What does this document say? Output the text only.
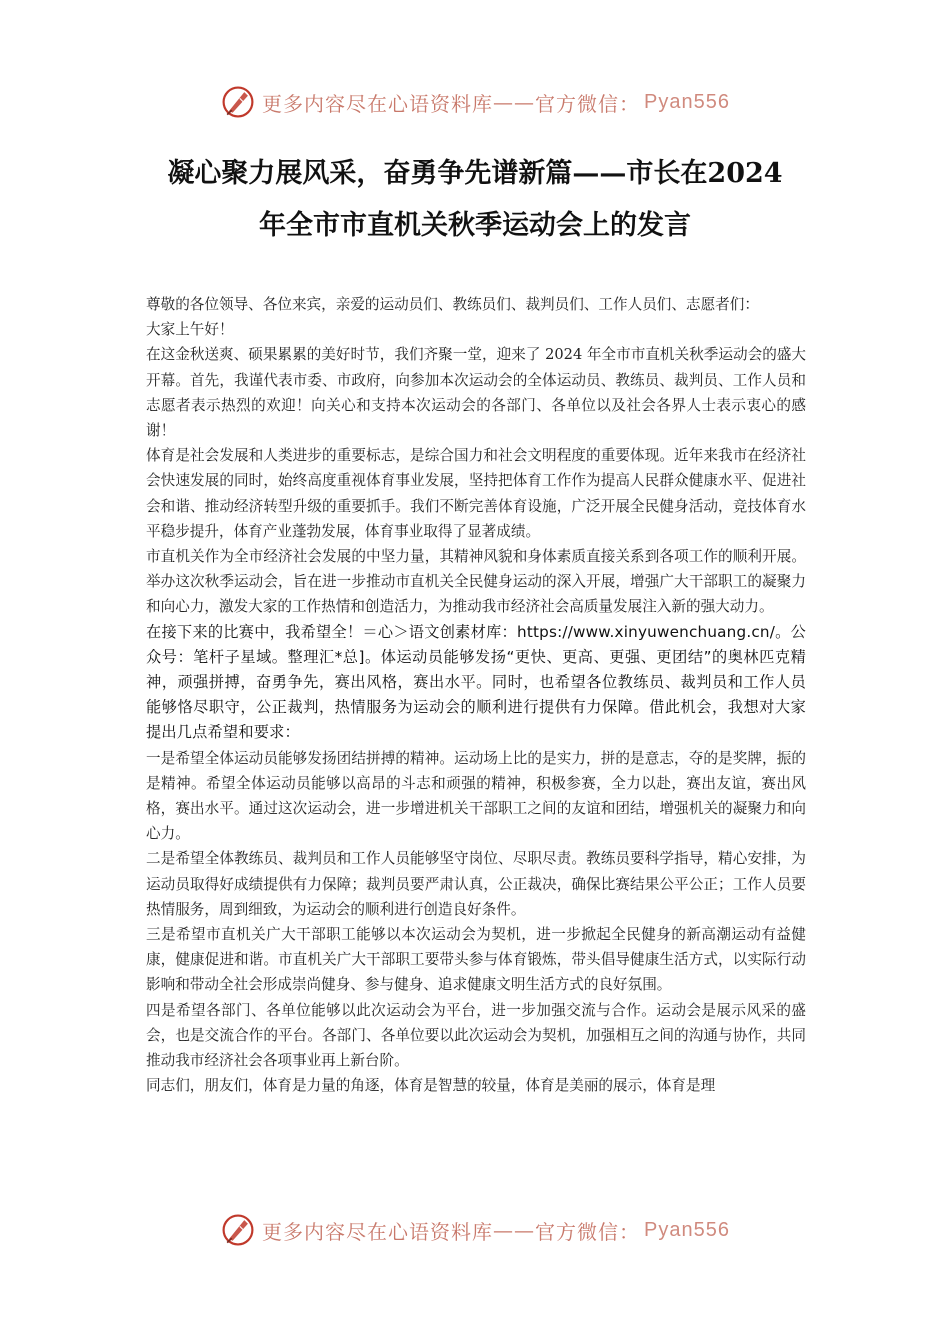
更多内容尽在心语资料库 —— 官方微信： Pyan556
凝心聚力展风采，奋勇争先谱新篇——市长在2024
年全市市直机关秋季运动会上的发言

尊敬的各位领导、各位来宾，亲爱的运动员们、教练员们、裁判员们、工作人员们、志愿者们：

大家上午好！

在这金秋送爽、硕果累累的美好时节，我们齐聚一堂，迎来了 2024 年全市市直机关秋季运动会的盛大开幕。首先，我谨代表市委、市政府，向参加本次运动会的全体运动员、教练员、裁判员、工作人员和志愿者表示热烈的欢迎！向关心和支持本次运动会的各部门、各单位以及社会各界人士表示衷心的感谢！

体育是社会发展和人类进步的重要标志，是综合国力和社会文明程度的重要体现。近年来我市在经济社会快速发展的同时，始终高度重视体育事业发展，坚持把体育工作作为提高人民群众健康水平、促进社会和谐、推动经济转型升级的重要抓手。我们不断完善体育设施，广泛开展全民健身活动，竞技体育水平稳步提升，体育产业蓬勃发展，体育事业取得了显著成绩。

市直机关作为全市经济社会发展的中坚力量，其精神风貌和身体素质直接关系到各项工作的顺利开展。举办这次秋季运动会，旨在进一步推动市直机关全民健身运动的深入开展，增强广大干部职工的凝聚力和向心力，激发大家的工作热情和创造活力，为推动我市经济社会高质量发展注入新的强大动力。

在接下来的比赛中，我希望全！＝心＞语文创素材库：https://www.xinyuwenchuang.cn/。公众号：笔杆子星域。整理汇*总]。体运动员能够发扬“更快、更高、更强、更团结”的奥林匹克精神，顽强拼搏，奋勇争先，赛出风格，赛出水平。同时，也希望各位教练员、裁判员和工作人员能够恪尽职守，公正裁判，热情服务为运动会的顺利进行提供有力保障。借此机会，我想对大家提出几点希望和要求：

一是希望全体运动员能够发扬团结拼搏的精神。运动场上比的是实力，拼的是意志，夺的是奖牌，振的是精神。希望全体运动员能够以高昂的斗志和顽强的精神，积极参赛，全力以赴，赛出友谊，赛出风格，赛出水平。通过这次运动会，进一步增进机关干部职工之间的友谊和团结，增强机关的凝聚力和向心力。

二是希望全体教练员、裁判员和工作人员能够坚守岗位、尽职尽责。教练员要科学指导，精心安排，为运动员取得好成绩提供有力保障；裁判员要严肃认真，公正裁决，确保比赛结果公平公正；工作人员要热情服务，周到细致，为运动会的顺利进行创造良好条件。

三是希望市直机关广大干部职工能够以本次运动会为契机，进一步掀起全民健身的新高潮运动有益健康，健康促进和谐。市直机关广大干部职工要带头参与体育锻炼，带头倡导健康生活方式，以实际行动影响和带动全社会形成崇尚健身、参与健身、追求健康文明生活方式的良好氛围。

四是希望各部门、各单位能够以此次运动会为平台，进一步加强交流与合作。运动会是展示风采的盛会，也是交流合作的平台。各部门、各单位要以此次运动会为契机，加强相互之间的沟通与协作，共同推动我市经济社会各项事业再上新台阶。

同志们，朋友们，体育是力量的角逐，体育是智慧的较量，体育是美丽的展示，体育是理

更多内容尽在心语资料库 —— 官方微信： Pyan556
